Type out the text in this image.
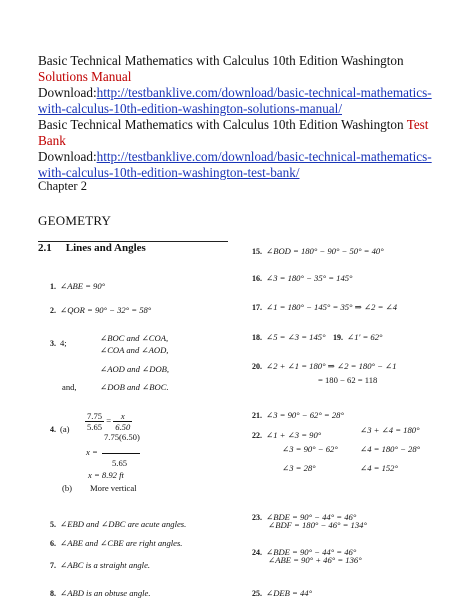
Basic Technical Mathematics with Calculus 10th Edition Washington
Solutions Manual
Download:http://testbanklive.com/download/basic-technical-mathematics-
with-calculus-10th-edition-washington-solutions-manual/
Basic Technical Mathematics with Calculus 10th Edition Washington Test
Bank
Download:http://testbanklive.com/download/basic-technical-mathematics-
with-calculus-10th-edition-washington-test-bank/
Chapter 2
GEOMETRY
2.1 Lines and Angles
1. ∠ABE = 90°
2. ∠QOR = 90° − 32° = 58°
3. 4;	∠BOC and ∠COA,
∠COA and ∠AOD,
∠AOD and ∠DOB,
and,	∠DOB and ∠BOC.
4. $(a) \frac{7.75}{5.65} = \frac{x}{6.50}$
7.75(6.50)
x =
5.65
x = 8.92 ft
(b) More vertical
5. ∠EBD and ∠DBC are acute angles.
6. ∠ABE and ∠CBE are right angles.
7. ∠ABC is a straight angle.
8. ∠ABD is an obtuse angle.
15. ∠BOD = 180° − 90° − 50° = 40°
16. ∠3 = 180° − 35° = 145°
17. ∠1 = 180° − 145° = 35° ⇒ ∠2 = ∠4
18. ∠5 = ∠3 = 145° 19. ∠1' = 62°
20. ∠2 + ∠1 = 180° ⇒ ∠2 = 180° − ∠1
= 180 − 62 = 118
21. ∠3 = 90° − 62° = 28°
22. ∠1 + ∠3 = 90°	∠3 + ∠4 = 180°
∠3 = 90° − 62°	∠4 = 180° − 28°
∠3 = 28°	∠4 = 152°
23. ∠BDE = 90° − 44° = 46°
∠BDF = 180° − 46° = 134°
24. ∠BDE = 90° − 44° = 46°
∠ABE = 90° + 46° = 136°
25. ∠DEB = 44°
